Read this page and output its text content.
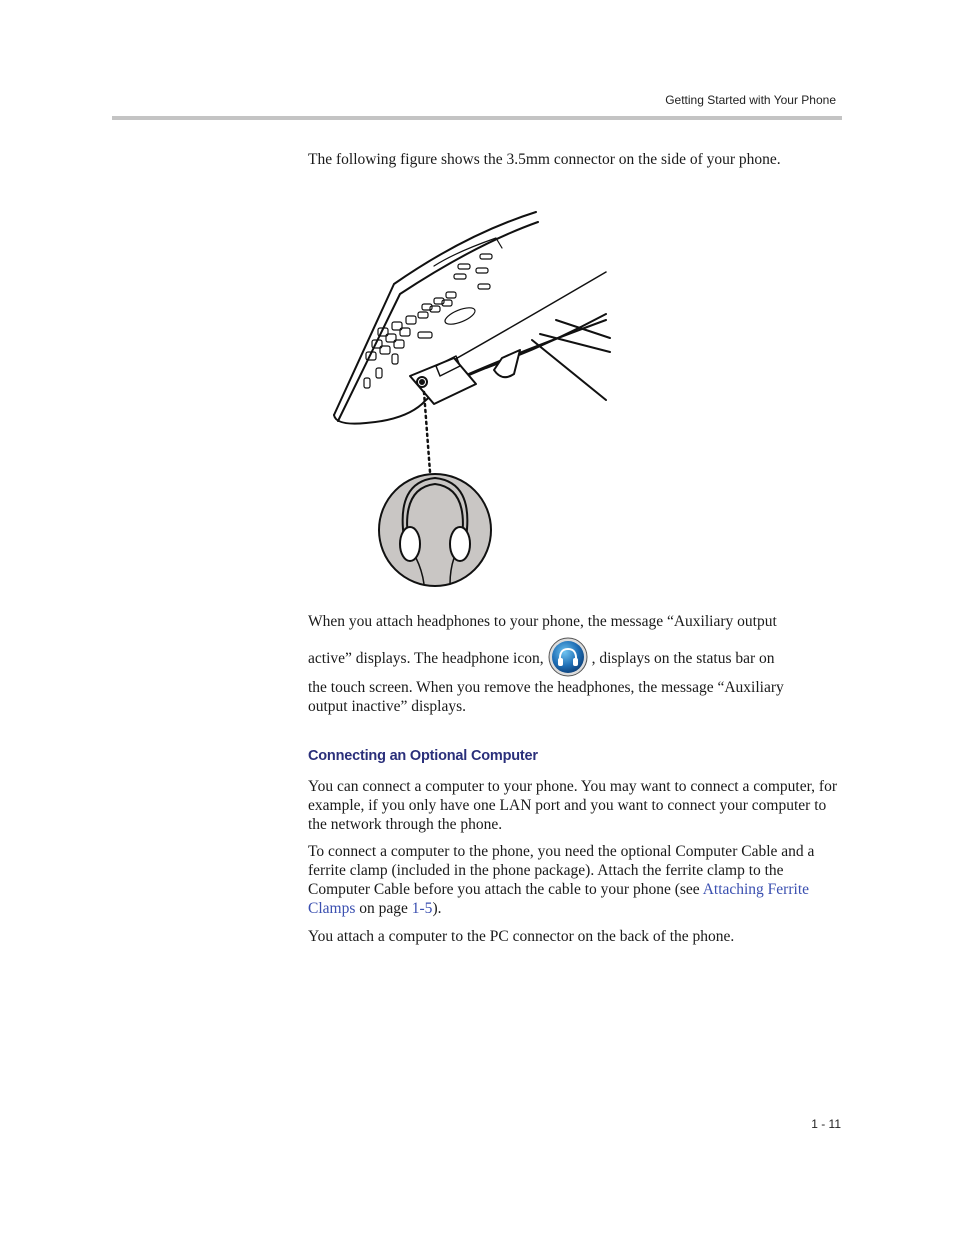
Getting Started with Your Phone

The following figure shows the 3.5mm connector on the side of your phone.

When you attach headphones to your phone, the message “Auxiliary output

active” displays. The headphone icon,	, displays on the status bar on

the touch screen. When you remove the headphones, the message “Auxiliary

output inactive” displays.

Connecting an Optional Computer

You can connect a computer to your phone. You may want to connect a computer, for example, if you only have one LAN port and you want to connect your computer to the network through the phone.

To connect a computer to the phone, you need the optional Computer Cable and a ferrite clamp (included in the phone package). Attach the ferrite clamp to the Computer Cable before you attach the cable to your phone (see Attaching Ferrite Clamps on page 1-5).

You attach a computer to the PC connector on the back of the phone.

1 - 11
